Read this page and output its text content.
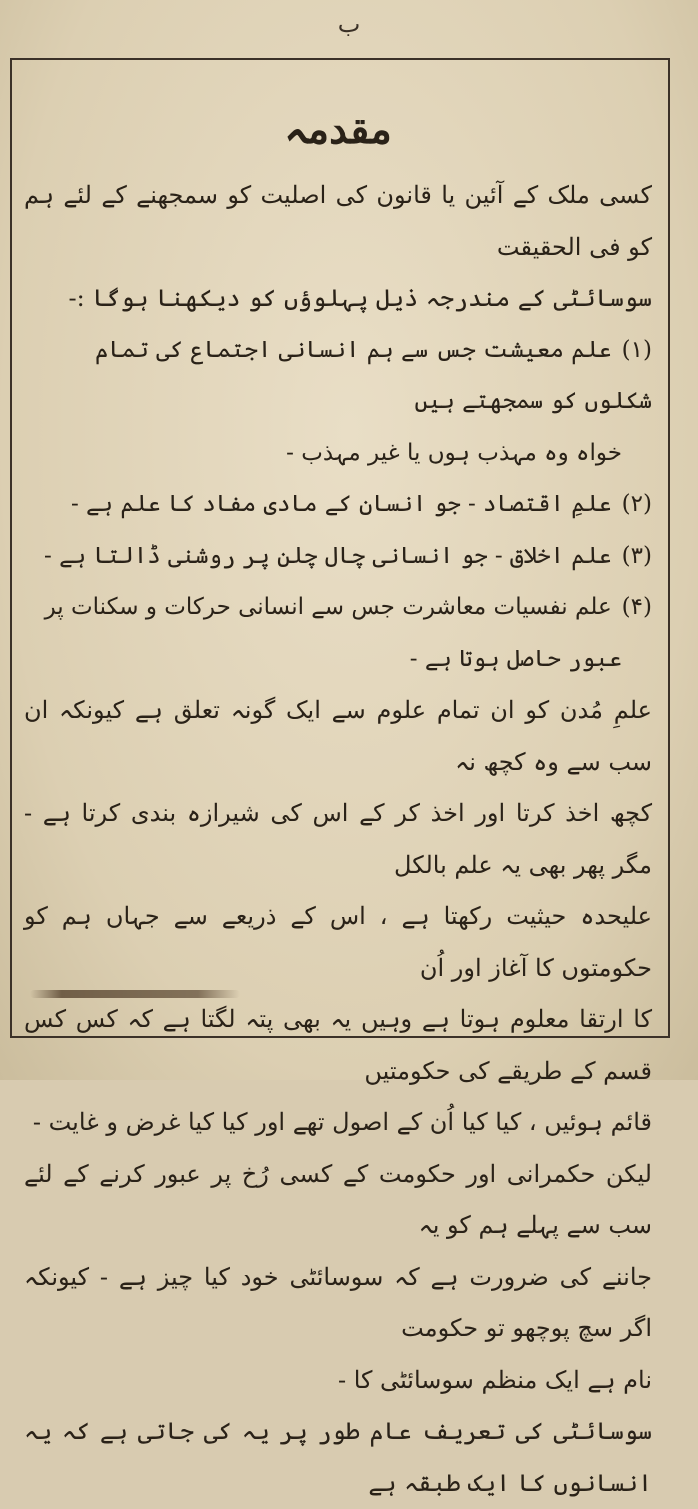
ب
مقدمہ

کسی ملک کے آئین یا قانون کی اصلیت کو سمجھنے کے لئے ہم کو فی الحقیقت

سوسائٹی کے مندرجہ ذیل پہلوؤں کو دیکھنا ہوگا :-

(۱)علم معیشت جس سے ہم انسانی اجتماع کی تمام شکلوں کو سمجھتے ہیں

خواہ وہ مہذب ہوں یا غیر مہذب -

(۲)علمِ اقتصاد - جو انسان کے مادی مفاد کا علم ہے -

(۳)علم اخلاق - جو انسانی چال چلن پر روشنی ڈالتا ہے -

(۴)علم نفسیات معاشرت جس سے انسانی حرکات و سکنات پر

عبور حاصل ہوتا ہے -

علمِ مُدن کو ان تمام علوم سے ایک گونہ تعلق ہے کیونکہ ان سب سے وہ کچھ نہ

کچھ اخذ کرتا اور اخذ کر کے اس کی شیرازہ بندی کرتا ہے - مگر پھر بھی یہ علم بالکل

علیحدہ حیثیت رکھتا ہے ، اس کے ذریعے سے جہاں ہم کو حکومتوں کا آغاز اور اُن

کا ارتقا معلوم ہوتا ہے وہیں یہ بھی پتہ لگتا ہے کہ کس کس قسم کے طریقے کی حکومتیں

قائم ہوئیں ، کیا کیا اُن کے اصول تھے اور کیا کیا غرض و غایت -

لیکن حکمرانی اور حکومت کے کسی رُخ پر عبور کرنے کے لئے سب سے پہلے ہم کو یہ

جاننے کی ضرورت ہے کہ سوسائٹی خود کیا چیز ہے - کیونکہ اگر سچ پوچھو تو حکومت

نام ہے ایک منظم سوسائٹی کا -

سوسائٹی کی تعریف عام طور پر یہ کی جاتی ہے کہ یہ انسانوں کا ایک طبقہ ہے
